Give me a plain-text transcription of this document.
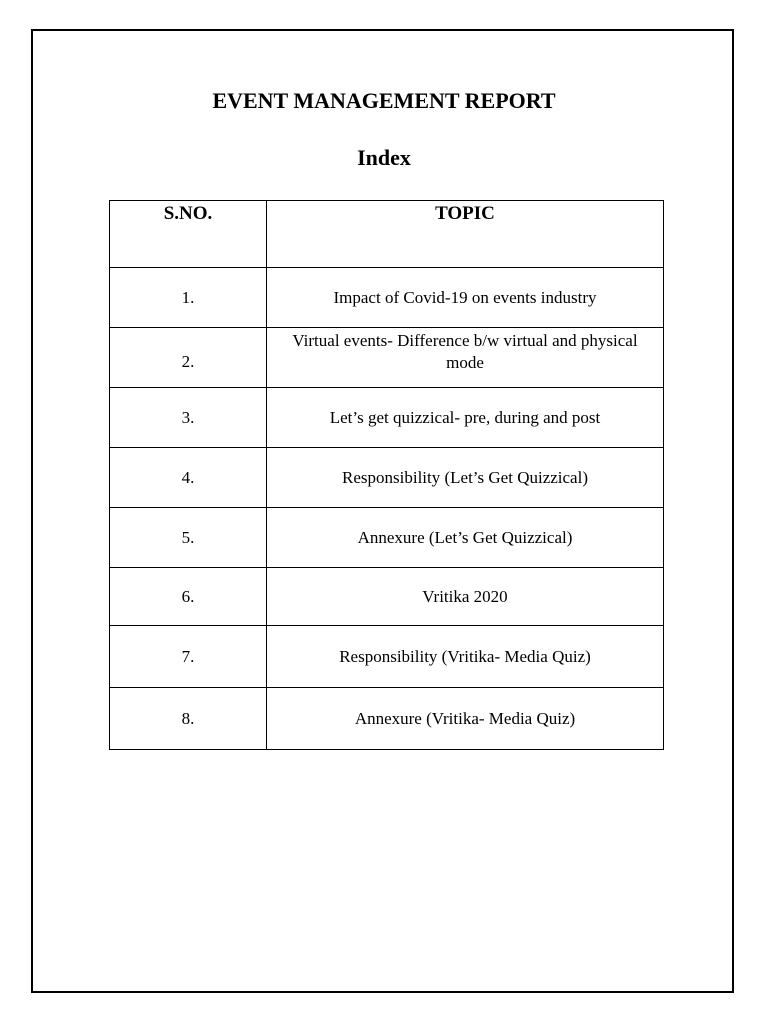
EVENT MANAGEMENT REPORT
Index
S.NO.	TOPIC
1.	Impact of Covid-19 on events industry
2.	Virtual events- Difference b/w virtual and physical mode
3.	Let’s get quizzical- pre, during and post
4.	Responsibility (Let’s Get Quizzical)
5.	Annexure (Let’s Get Quizzical)
6.	Vritika 2020
7.	Responsibility (Vritika- Media Quiz)
8.	Annexure (Vritika- Media Quiz)
